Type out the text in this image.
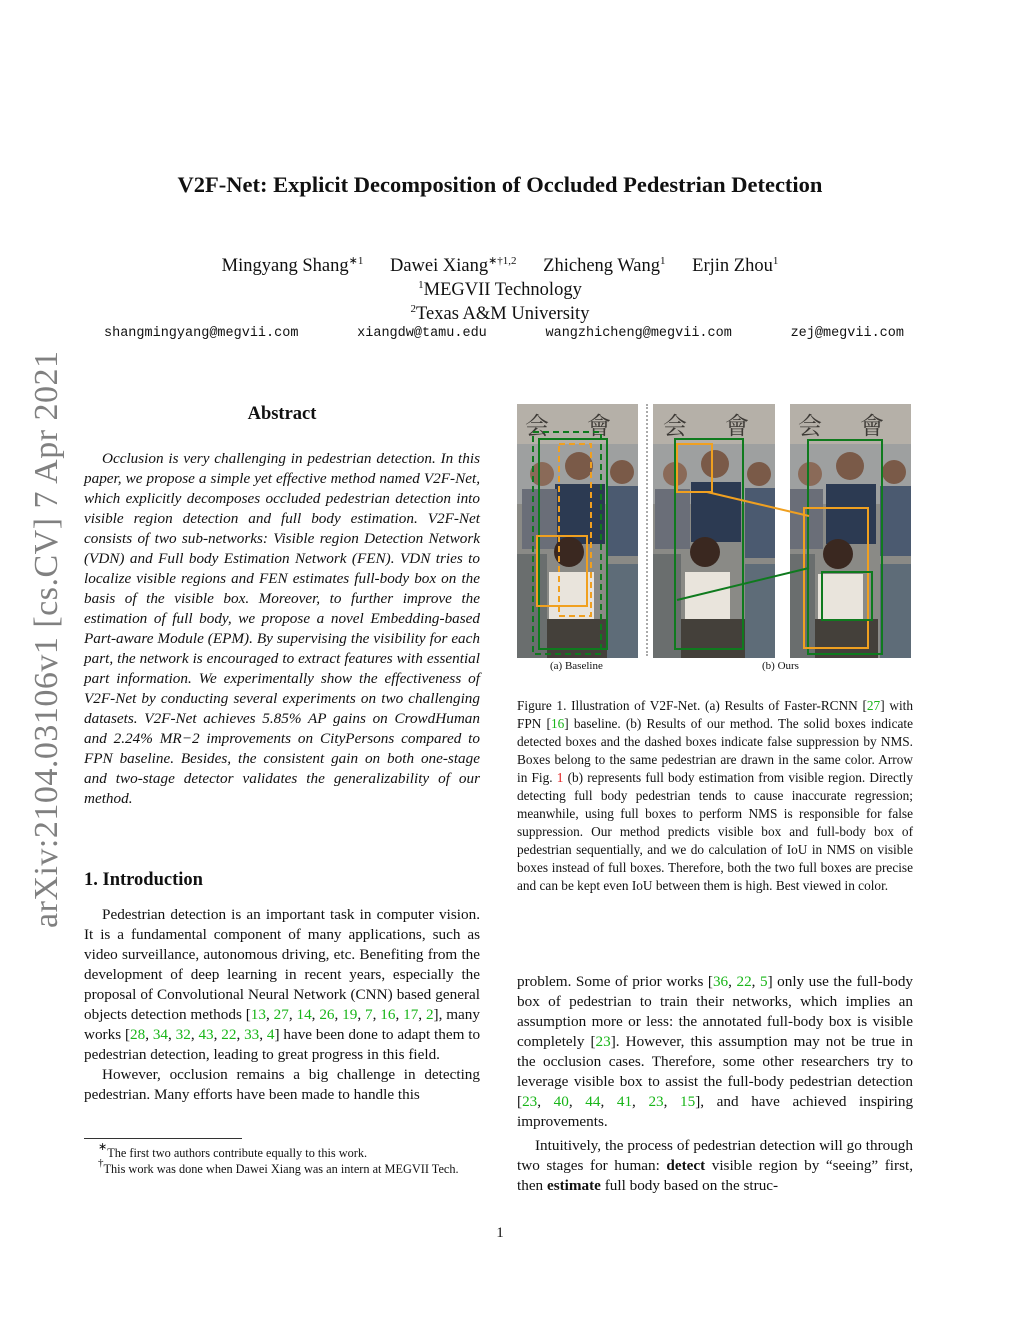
arXiv:2104.03106v1 [cs.CV] 7 Apr 2021
V2F-Net: Explicit Decomposition of Occluded Pedestrian Detection
Mingyang Shang$^{∗1}$ Dawei Xiang$^{∗\dagger 1,2}$ Zhicheng Wang$^1$ Erjin Zhou$^1$
$^1$MEGVII Technology
$^2$Texas A&M University
shangmingyang@megvii.com	xiangdw@tamu.edu	wangzhicheng@megvii.com	zej@megvii.com
Abstract

Occlusion is very challenging in pedestrian detection. In this paper, we propose a simple yet effective method named V2F-Net, which explicitly decomposes occluded pedestrian detection into visible region detection and full body estimation. V2F-Net consists of two sub-networks: Visible region Detection Network (VDN) and Full body Estimation Network (FEN). VDN tries to localize visible regions and FEN estimates full-body box on the basis of the visible box. Moreover, to further improve the estimation of full body, we propose a novel Embedding-based Part-aware Module (EPM). By supervising the visibility for each part, the network is encouraged to extract features with essential part information. We experimentally show the effectiveness of V2F-Net by conducting several experiments on two challenging datasets. V2F-Net achieves 5.85% AP gains on CrowdHuman and 2.24% MR−2 improvements on CityPersons compared to FPN baseline. Besides, the consistent gain on both one-stage and two-stage detector validates the generalizability of our method.

1. Introduction

Pedestrian detection is an important task in computer vision. It is a fundamental component of many applications, such as video surveillance, autonomous driving, etc. Benefiting from the development of deep learning in recent years, especially the proposal of Convolutional Neural Network (CNN) based general objects detection methods [13, 27, 14, 26, 19, 7, 16, 17, 2], many works [28, 34, 32, 43, 22, 33, 4] have been done to adapt them to pedestrian detection, leading to great progress in this field.

However, occlusion remains a big challenge in detecting pedestrian. Many efforts have been made to handle this

∗The first two authors contribute equally to this work.
†This work was done when Dawei Xiang was an intern at MEGVII Tech.
会 會 会 會 会 會
(a) Baseline	(b) Ours

Figure 1. Illustration of V2F-Net. (a) Results of Faster-RCNN [27] with FPN [16] baseline. (b) Results of our method. The solid boxes indicate detected boxes and the dashed boxes indicate false suppression by NMS. Boxes belong to the same pedestrian are drawn in the same color. Arrow in Fig. 1 (b) represents full body estimation from visible region. Directly detecting full body pedestrian tends to cause inaccurate regression; meanwhile, using full boxes to perform NMS is responsible for false suppression. Our method predicts visible box and full-body box of pedestrian sequentially, and we do calculation of IoU in NMS on visible boxes instead of full boxes. Therefore, both the two full boxes are precise and can be kept even IoU between them is high. Best viewed in color.

problem. Some of prior works [36, 22, 5] only use the full-body box of pedestrian to train their networks, which implies an assumption more or less: the annotated full-body box is visible completely [23]. However, this assumption may not be true in the occlusion cases. Therefore, some other researchers try to leverage visible box to assist the full-body pedestrian detection [23, 40, 44, 41, 23, 15], and have achieved inspiring improvements.

Intuitively, the process of pedestrian detection will go through two stages for human: detect visible region by “seeing” first, then estimate full body based on the struc-

1
